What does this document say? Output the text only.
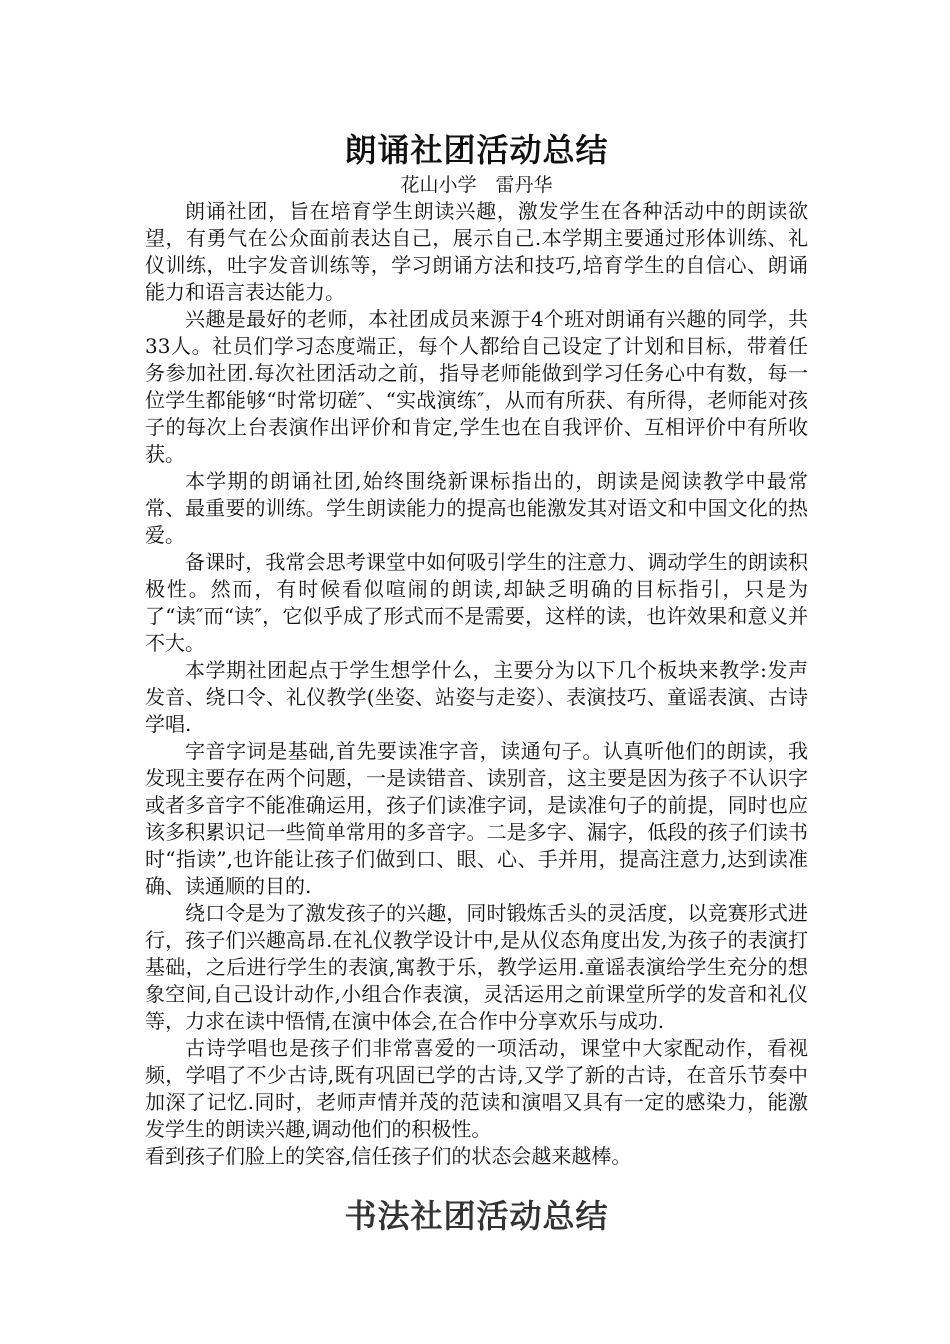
朗诵社团活动总结

花山小学　雷丹华

朗诵社团，旨在培育学生朗读兴趣，激发学生在各种活动中的朗读欲望，有勇气在公众面前表达自己，展示自己.本学期主要通过形体训练、礼仪训练，吐字发音训练等，学习朗诵方法和技巧,培育学生的自信心、朗诵能力和语言表达能力。

兴趣是最好的老师，本社团成员来源于4个班对朗诵有兴趣的同学，共33人。社员们学习态度端正，每个人都给自己设定了计划和目标，带着任务参加社团.每次社团活动之前，指导老师能做到学习任务心中有数，每一位学生都能够“时常切磋″、“实战演练″，从而有所获、有所得，老师能对孩子的每次上台表演作出评价和肯定,学生也在自我评价、互相评价中有所收获。

本学期的朗诵社团,始终围绕新课标指出的，朗读是阅读教学中最常常、最重要的训练。学生朗读能力的提高也能激发其对语文和中国文化的热爱。

备课时，我常会思考课堂中如何吸引学生的注意力、调动学生的朗读积极性。然而，有时候看似喧闹的朗读,却缺乏明确的目标指引，只是为了“读″而“读″，它似乎成了形式而不是需要，这样的读，也许效果和意义并不大。

本学期社团起点于学生想学什么，主要分为以下几个板块来教学:发声发音、绕口令、礼仪教学(坐姿、站姿与走姿）、表演技巧、童谣表演、古诗学唱.

字音字词是基础,首先要读准字音，读通句子。认真听他们的朗读，我发现主要存在两个问题，一是读错音、读别音，这主要是因为孩子不认识字或者多音字不能准确运用，孩子们读准字词，是读准句子的前提，同时也应该多积累识记一些简单常用的多音字。二是多字、漏字，低段的孩子们读书时“指读”,也许能让孩子们做到口、眼、心、手并用，提高注意力,达到读准确、读通顺的目的.

绕口令是为了激发孩子的兴趣，同时锻炼舌头的灵活度，以竞赛形式进行，孩子们兴趣高昂.在礼仪教学设计中,是从仪态角度出发,为孩子的表演打基础，之后进行学生的表演,寓教于乐，教学运用.童谣表演给学生充分的想象空间,自己设计动作,小组合作表演，灵活运用之前课堂所学的发音和礼仪等，力求在读中悟情,在演中体会,在合作中分享欢乐与成功.

古诗学唱也是孩子们非常喜爱的一项活动，课堂中大家配动作，看视频，学唱了不少古诗,既有巩固已学的古诗,又学了新的古诗，在音乐节奏中加深了记忆.同时，老师声情并茂的范读和演唱又具有一定的感染力，能激发学生的朗读兴趣,调动他们的积极性。

看到孩子们脸上的笑容,信任孩子们的状态会越来越棒。

书法社团活动总结
